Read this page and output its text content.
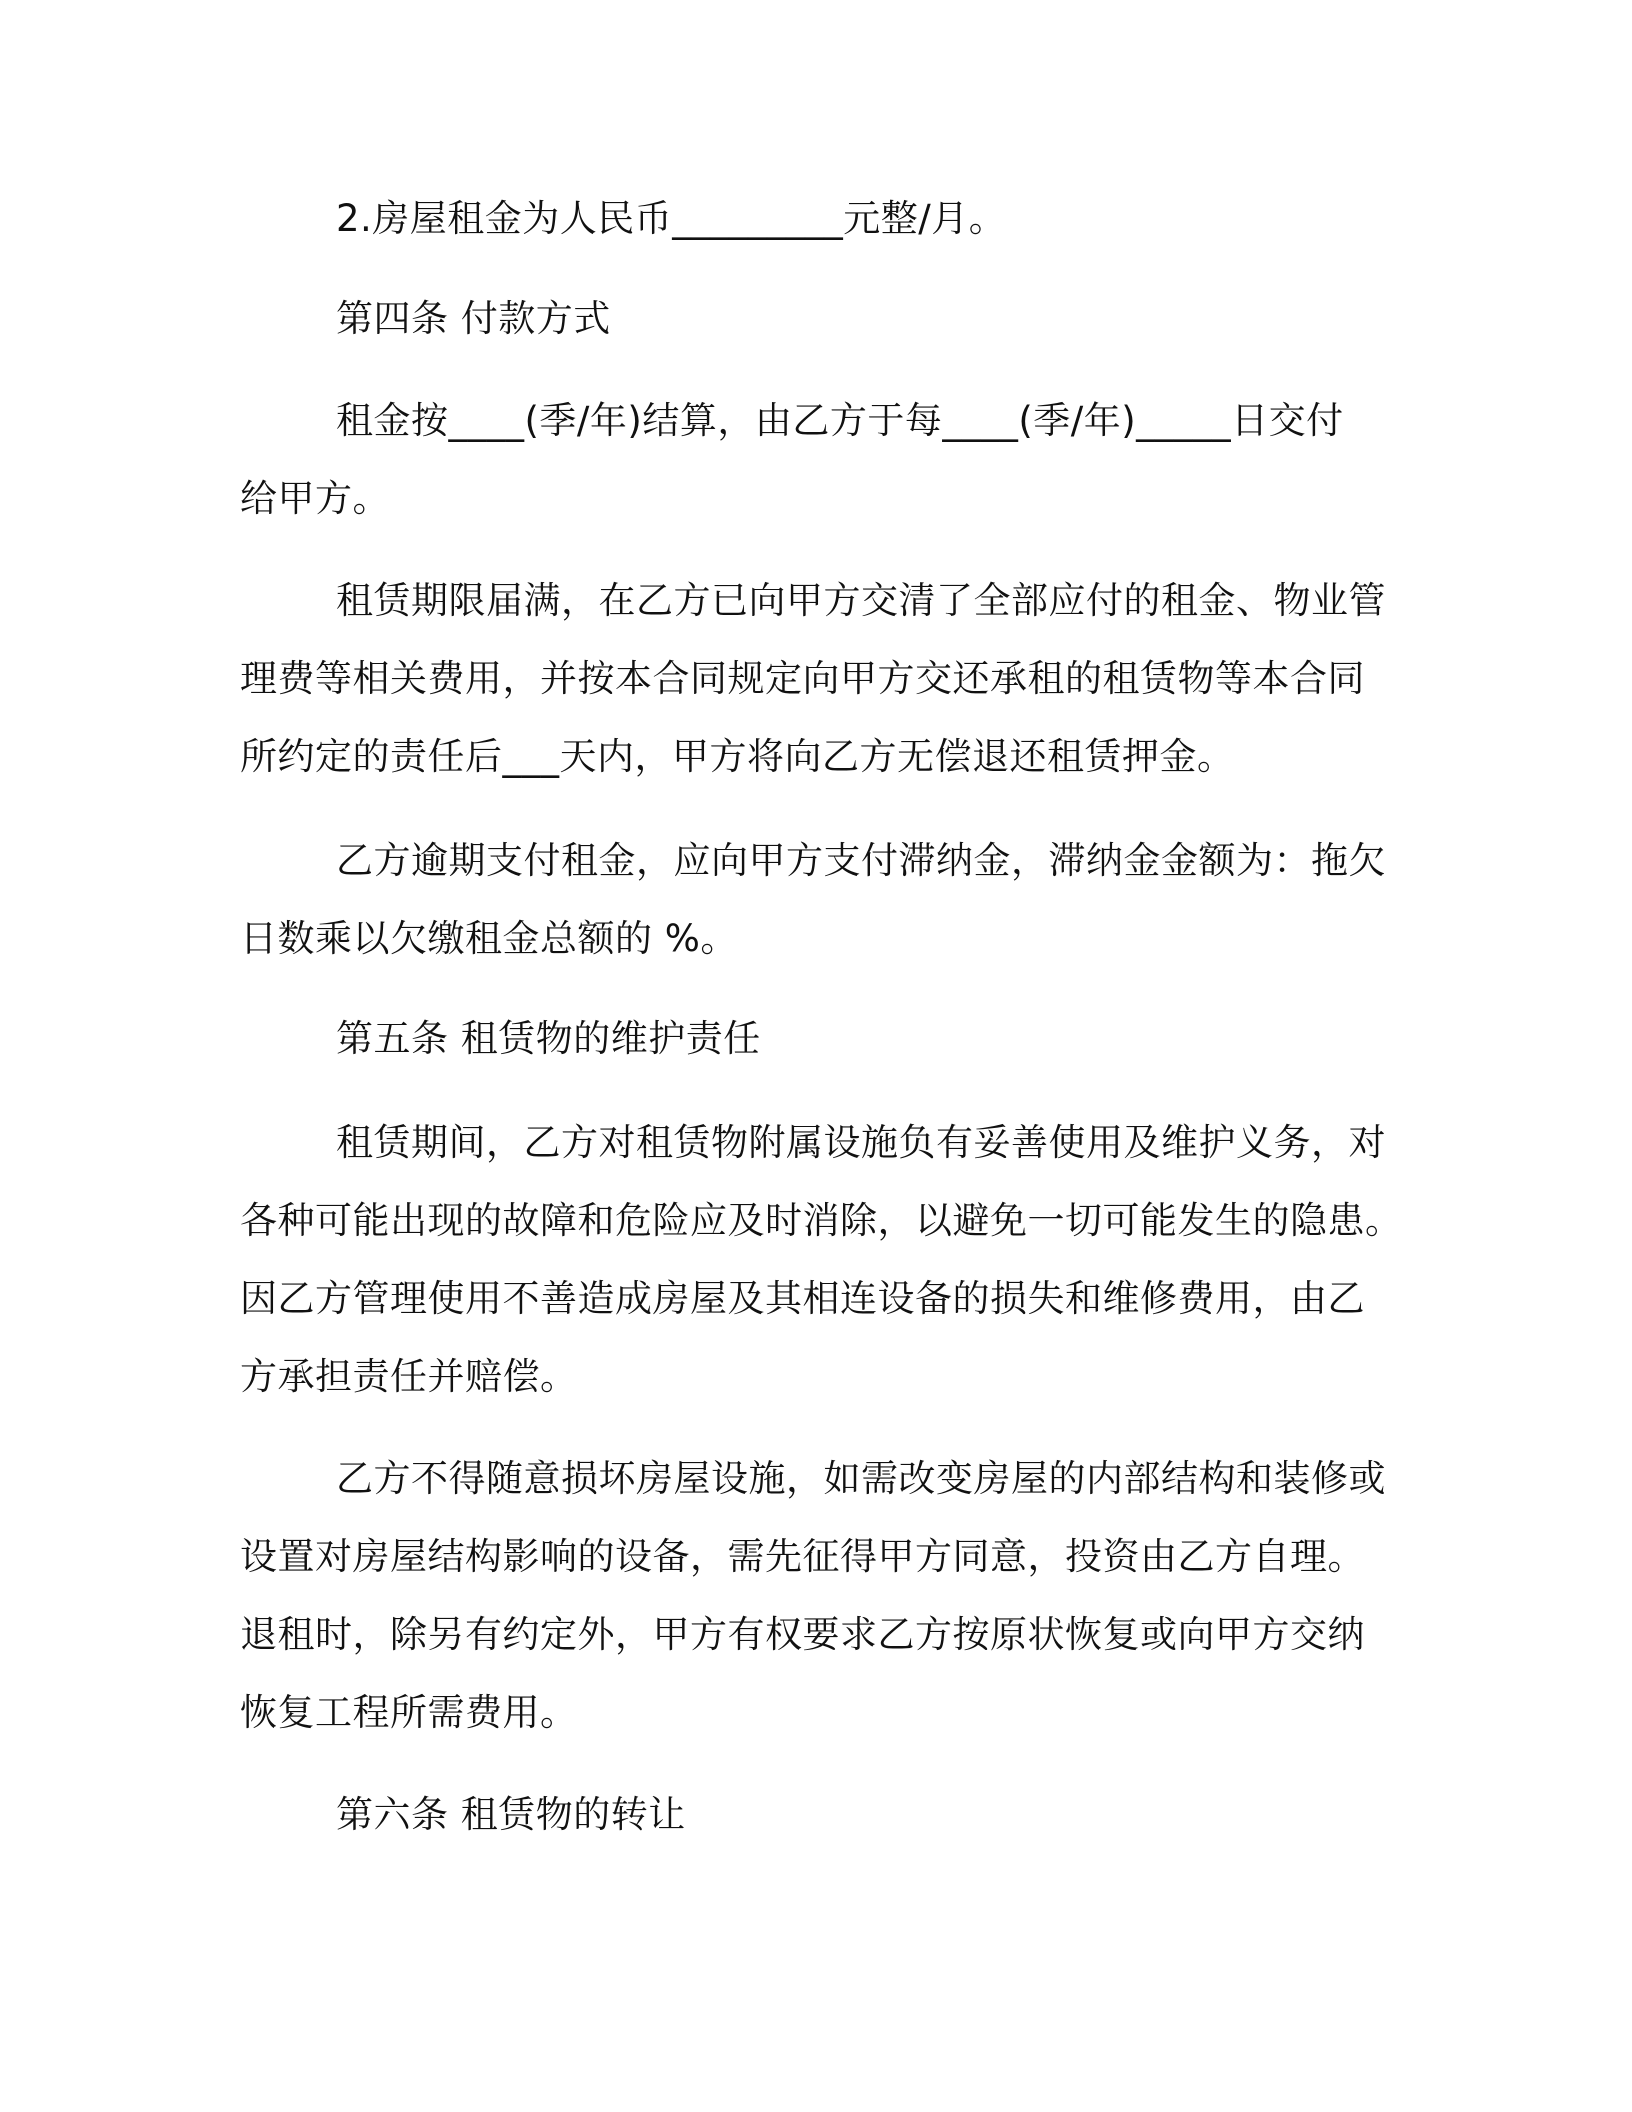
2.房屋租金为人民币_________元整/月。
第四条 付款方式
租金按____(季/年)结算，由乙方于每____(季/年)_____日交付
给甲方。
租赁期限届满，在乙方已向甲方交清了全部应付的租金、物业管
理费等相关费用，并按本合同规定向甲方交还承租的租赁物等本合同
所约定的责任后___天内，甲方将向乙方无偿退还租赁押金。
乙方逾期支付租金，应向甲方支付滞纳金，滞纳金金额为：拖欠
日数乘以欠缴租金总额的 %。
第五条 租赁物的维护责任
租赁期间，乙方对租赁物附属设施负有妥善使用及维护义务，对
各种可能出现的故障和危险应及时消除，以避免一切可能发生的隐患。
因乙方管理使用不善造成房屋及其相连设备的损失和维修费用，由乙
方承担责任并赔偿。
乙方不得随意损坏房屋设施，如需改变房屋的内部结构和装修或
设置对房屋结构影响的设备，需先征得甲方同意，投资由乙方自理。
退租时，除另有约定外，甲方有权要求乙方按原状恢复或向甲方交纳
恢复工程所需费用。
第六条 租赁物的转让
